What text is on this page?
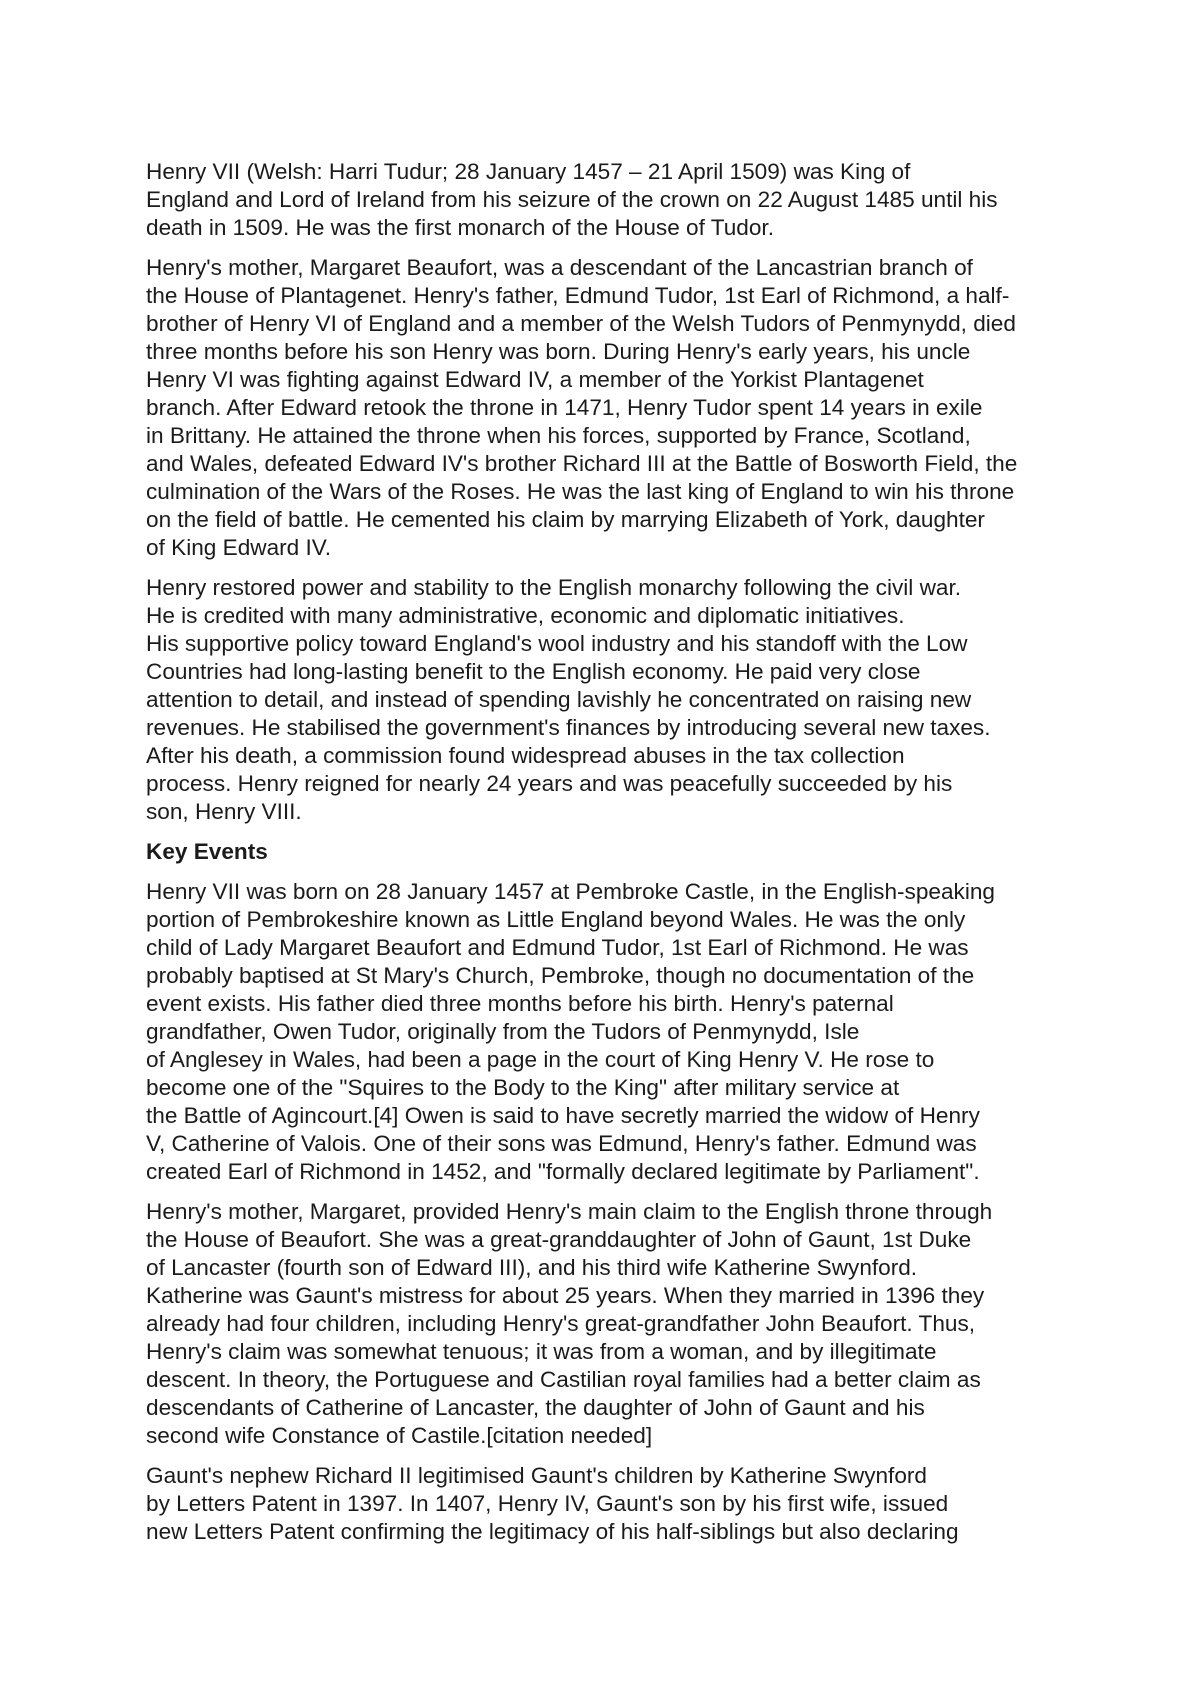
Henry VII (Welsh: Harri Tudur; 28 January 1457 – 21 April 1509) was King of
England and Lord of Ireland from his seizure of the crown on 22 August 1485 until his
death in 1509. He was the first monarch of the House of Tudor.

Henry's mother, Margaret Beaufort, was a descendant of the Lancastrian branch of
the House of Plantagenet. Henry's father, Edmund Tudor, 1st Earl of Richmond, a half-
brother of Henry VI of England and a member of the Welsh Tudors of Penmynydd, died
three months before his son Henry was born. During Henry's early years, his uncle
Henry VI was fighting against Edward IV, a member of the Yorkist Plantagenet
branch. After Edward retook the throne in 1471, Henry Tudor spent 14 years in exile
in Brittany. He attained the throne when his forces, supported by France, Scotland,
and Wales, defeated Edward IV's brother Richard III at the Battle of Bosworth Field, the
culmination of the Wars of the Roses. He was the last king of England to win his throne
on the field of battle. He cemented his claim by marrying Elizabeth of York, daughter
of King Edward IV.

Henry restored power and stability to the English monarchy following the civil war.
He is credited with many administrative, economic and diplomatic initiatives.
His supportive policy toward England's wool industry and his standoff with the Low
Countries had long-lasting benefit to the English economy. He paid very close
attention to detail, and instead of spending lavishly he concentrated on raising new
revenues. He stabilised the government's finances by introducing several new taxes.
After his death, a commission found widespread abuses in the tax collection
process. Henry reigned for nearly 24 years and was peacefully succeeded by his
son, Henry VIII.

Key Events

Henry VII was born on 28 January 1457 at Pembroke Castle, in the English-speaking
portion of Pembrokeshire known as Little England beyond Wales. He was the only
child of Lady Margaret Beaufort and Edmund Tudor, 1st Earl of Richmond. He was
probably baptised at St Mary's Church, Pembroke, though no documentation of the
event exists. His father died three months before his birth. Henry's paternal
grandfather, Owen Tudor, originally from the Tudors of Penmynydd, Isle
of Anglesey in Wales, had been a page in the court of King Henry V. He rose to
become one of the "Squires to the Body to the King" after military service at
the Battle of Agincourt.[4] Owen is said to have secretly married the widow of Henry
V, Catherine of Valois. One of their sons was Edmund, Henry's father. Edmund was
created Earl of Richmond in 1452, and "formally declared legitimate by Parliament".

Henry's mother, Margaret, provided Henry's main claim to the English throne through
the House of Beaufort. She was a great-granddaughter of John of Gaunt, 1st Duke
of Lancaster (fourth son of Edward III), and his third wife Katherine Swynford.
Katherine was Gaunt's mistress for about 25 years. When they married in 1396 they
already had four children, including Henry's great-grandfather John Beaufort. Thus,
Henry's claim was somewhat tenuous; it was from a woman, and by illegitimate
descent. In theory, the Portuguese and Castilian royal families had a better claim as
descendants of Catherine of Lancaster, the daughter of John of Gaunt and his
second wife Constance of Castile.[citation needed]

Gaunt's nephew Richard II legitimised Gaunt's children by Katherine Swynford
by Letters Patent in 1397. In 1407, Henry IV, Gaunt's son by his first wife, issued
new Letters Patent confirming the legitimacy of his half-siblings but also declaring
